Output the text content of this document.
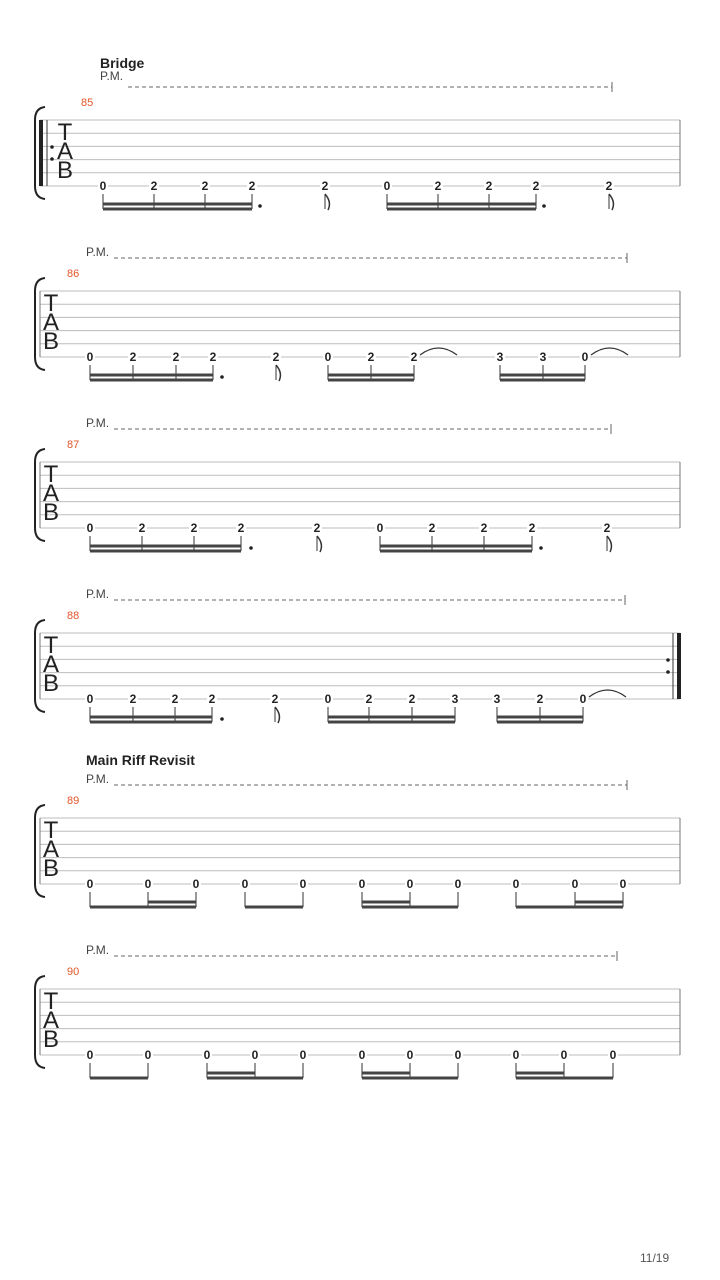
Bridge
P.M.
85
T
A
B
0	2	2	2	2	0	2	2	2	2
P.M.
86
T
A
B
0	2	2	2	2	0	2	2	3	3	0
P.M.
87
T
A
B
0	2	2	2	2	0	2	2	2	2
P.M.
88
T
A
B
0	2	2	2	2	0	2	2	3	3	2	0
Main Riff Revisit
P.M.
89
T
A
B
0	0	0	0	0	0	0	0	0	0	0
P.M.
90
T
A
B
0	0	0	0	0	0	0	0	0	0	0
11/19
